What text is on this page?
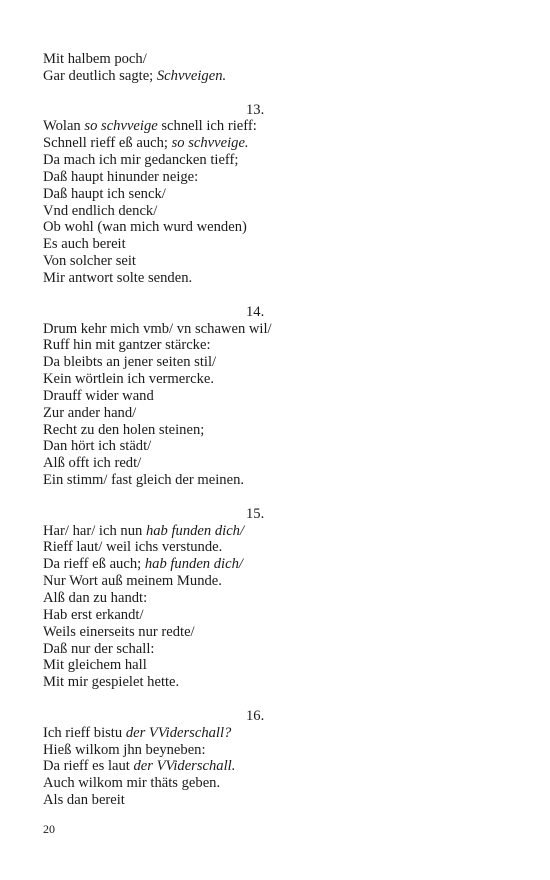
Mit halbem poch/
Gar deutlich sagte; Schvveigen.
13.
Wolan so schvveige schnell ich rieff:
Schnell rieff eß auch; so schvveige.
Da mach ich mir gedancken tieff;
Daß haupt hinunder neige:
Daß haupt ich senck/
Vnd endlich denck/
Ob wohl (wan mich wurd wenden)
Es auch bereit
Von solcher seit
Mir antwort solte senden.
14.
Drum kehr mich vmb/ vn schawen wil/
Ruff hin mit gantzer stärcke:
Da bleibts an jener seiten stil/
Kein wörtlein ich vermercke.
Drauff wider wand
Zur ander hand/
Recht zu den holen steinen;
Dan hört ich städt/
Alß offt ich redt/
Ein stimm/ fast gleich der meinen.
15.
Har/ har/ ich nun hab funden dich/
Rieff laut/ weil ichs verstunde.
Da rieff eß auch; hab funden dich/
Nur Wort auß meinem Munde.
Alß dan zu handt:
Hab erst erkandt/
Weils einerseits nur redte/
Daß nur der schall:
Mit gleichem hall
Mit mir gespielet hette.
16.
Ich rieff bistu der VViderschall?
Hieß wilkom jhn beyneben:
Da rieff es laut der VViderschall.
Auch wilkom mir thäts geben.
Als dan bereit
20
